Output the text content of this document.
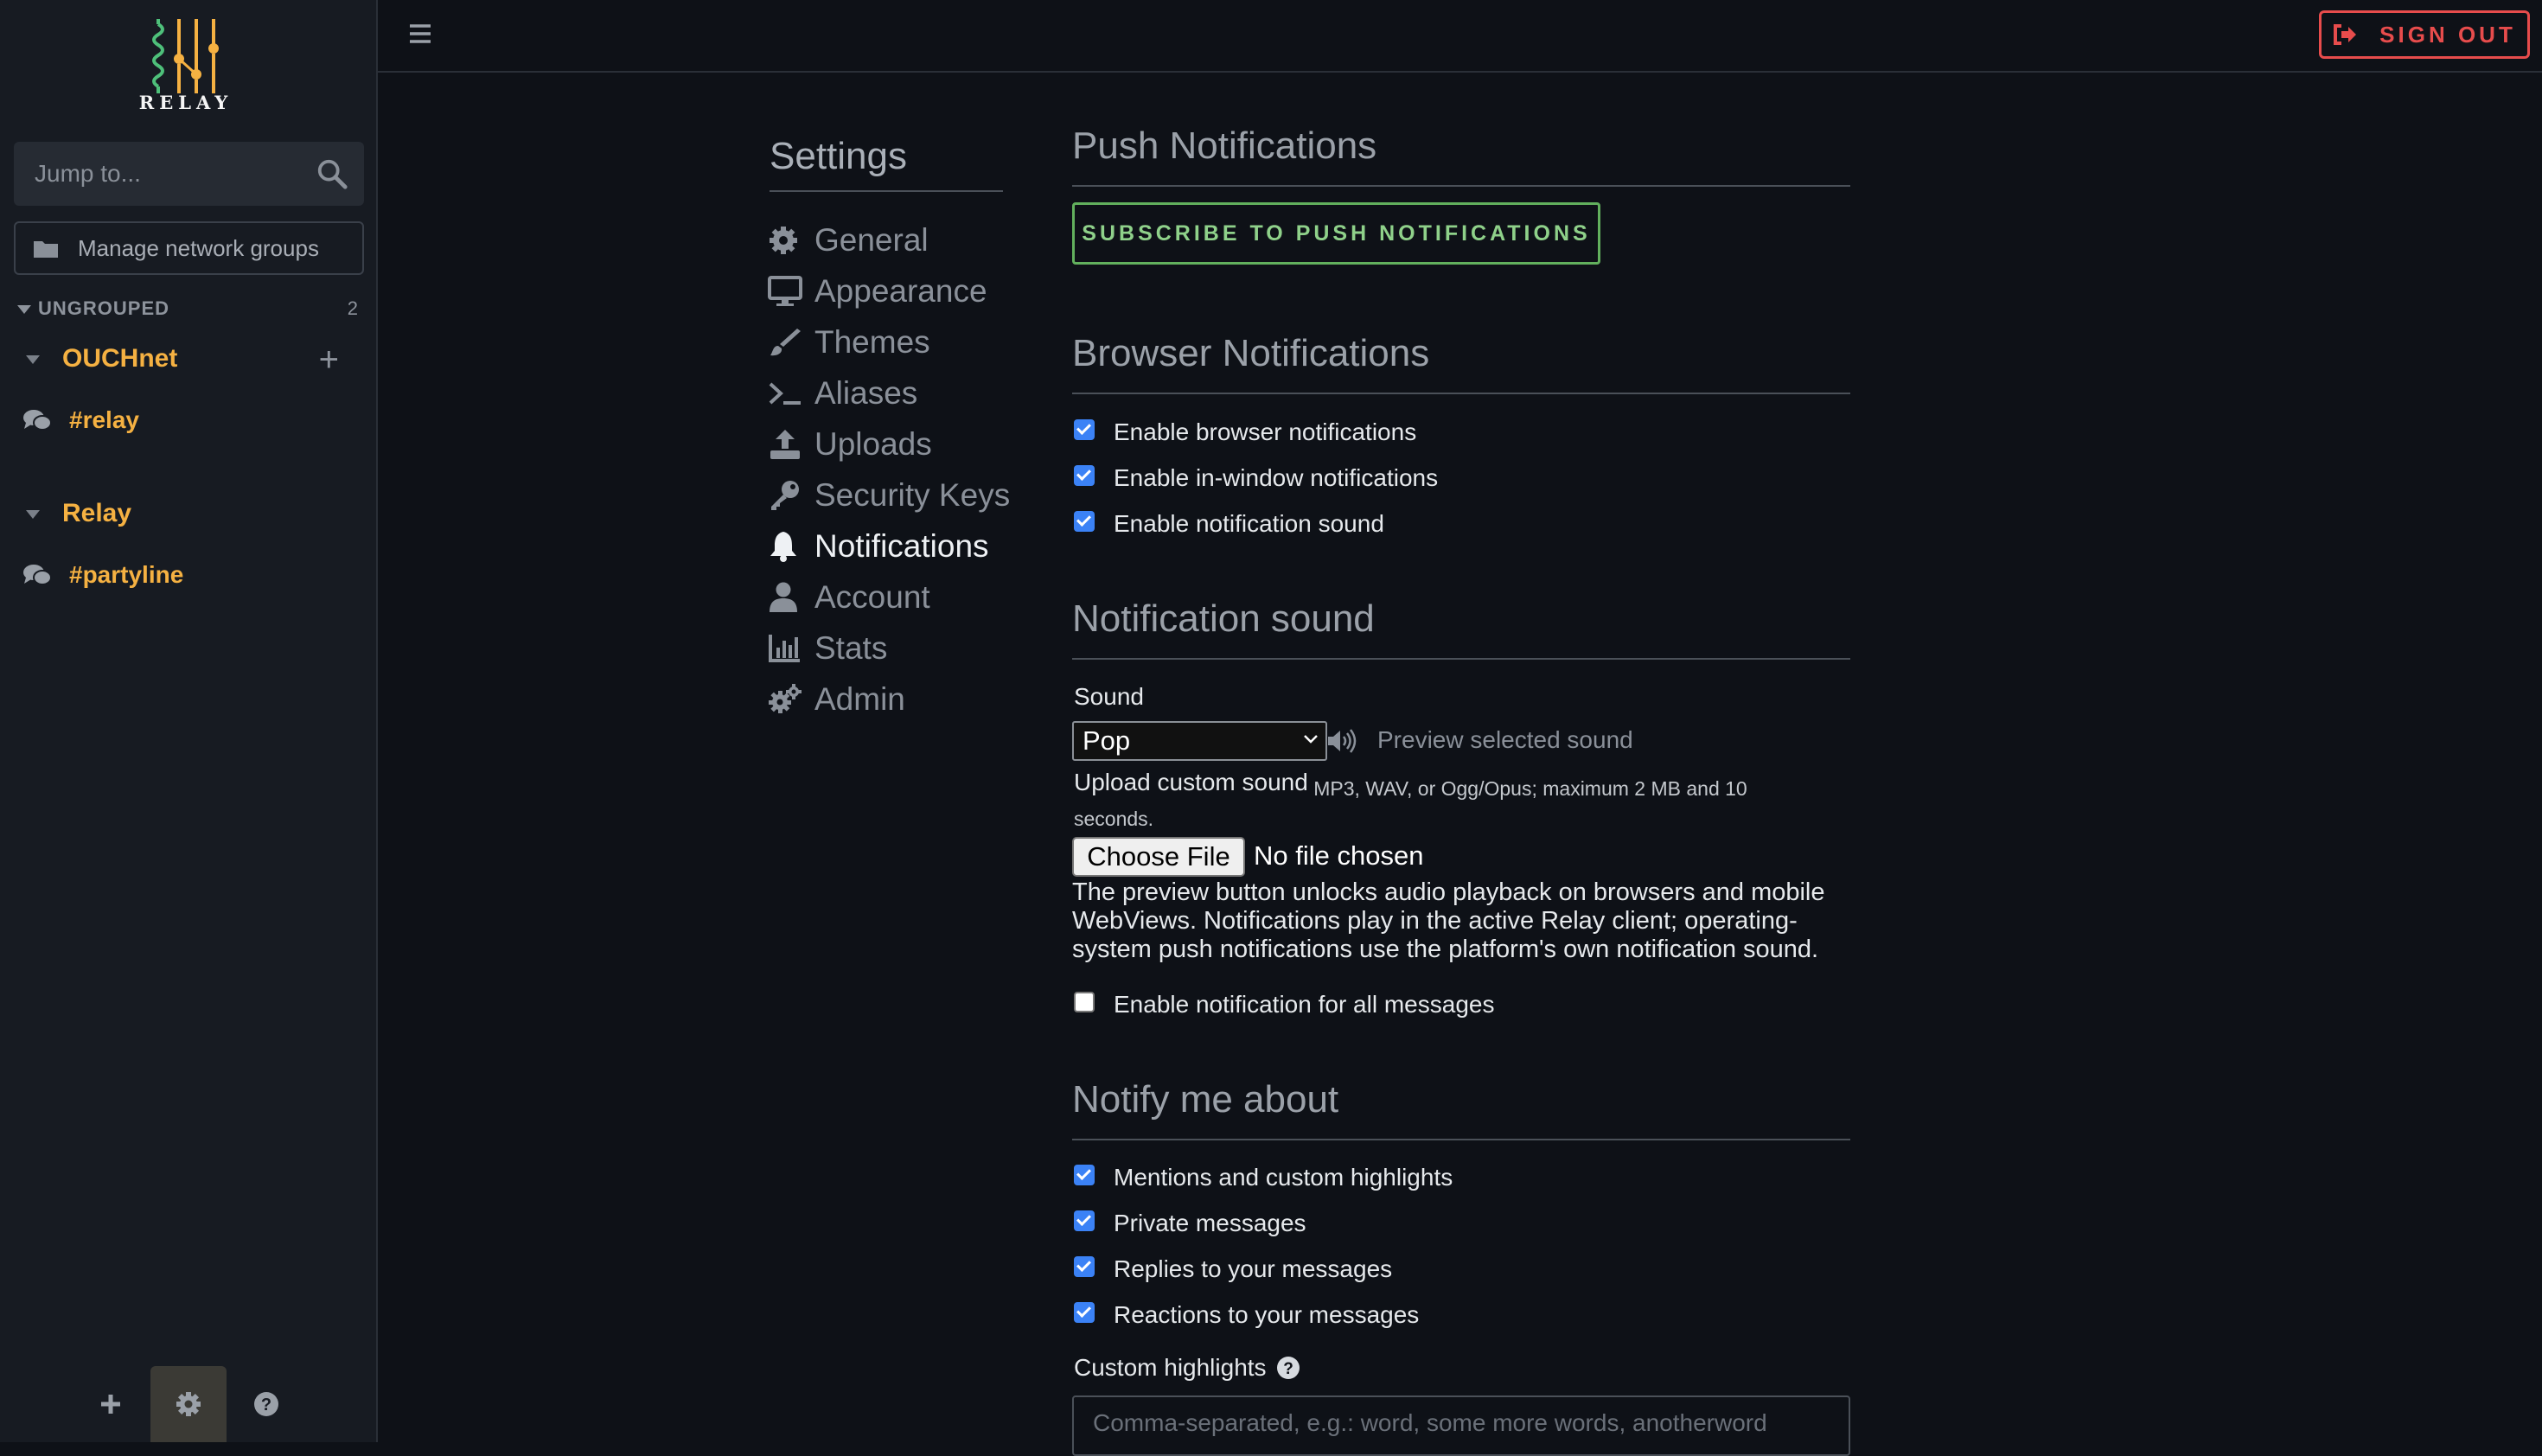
RELAY
Jump to...
Manage network groups
UNGROUPED	2
OUCHnet	+
#relay
Relay
#partyline
?
SIGN OUT
Settings
General
Appearance
Themes
Aliases
Uploads
Security Keys
Notifications
Account
Stats
Admin
Push Notifications
SUBSCRIBE TO PUSH NOTIFICATIONS
Browser Notifications
Enable browser notifications
Enable in-window notifications
Enable notification sound
Notification sound
Sound
Pop	Preview selected sound
MP3, WAV, or Ogg/Opus; maximum 2 MB and 10 seconds.
Upload custom sound
Choose File No file chosen
The preview button unlocks audio playback on browsers and mobile WebViews. Notifications play in the active Relay client; operating-system push notifications use the platform's own notification sound.
Enable notification for all messages
Notify me about
Mentions and custom highlights
Private messages
Replies to your messages
Reactions to your messages
Custom highlights ?
Comma-separated, e.g.: word, some more words, anotherword
